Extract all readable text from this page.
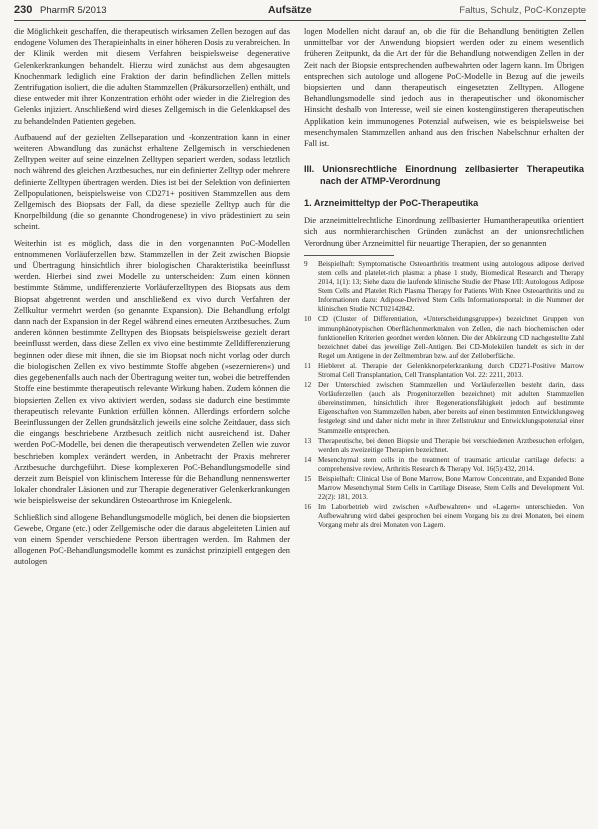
230 PharmR 5/2013	Aufsätze	Faltus, Schulz, PoC-Konzepte

die Möglichkeit geschaffen, die therapeutisch wirksamen Zellen bezogen auf das endogene Volumen des Therapieinhalts in einer höheren Dosis zu verabreichen. In der Klinik werden mit diesem Verfahren beispielsweise degenerative Gelenkerkrankungen behandelt. Hierzu wird zunächst aus dem abgesaugten Knochenmark lediglich eine Fraktion der darin befindlichen Zellen mittels Zentrifugation isoliert, die die adulten Stammzellen (Präkursorzellen) enthält, und diese entweder mit ihrer Konzentration erhöht oder wieder in die Zielregion des Gelenks injiziert. Anschließend wird dieses Zellgemisch in die Gelenkkapsel des zu behandelnden Patienten gegeben.

Aufbauend auf der gezielten Zellseparation und -konzentration kann in einer weiteren Abwandlung das zunächst erhaltene Zellgemisch in verschiedenen Zelltypen weiter auf seine einzelnen Zelltypen separiert werden, sodass letztlich noch während des gleichen Arztbesuches, nur ein definierter Zelltyp oder mehrere definierte Zelltypen übertragen werden. Dies ist bei der Selektion von definierten Zellpopulationen, beispielsweise von CD271+ positiven Stammzellen aus dem Zellgemisch des Biopsats der Fall, da diese spezielle Zelltyp auch für die Knorpelbildung (die so genannte Chondrogenese) in vivo prädestiniert zu sein scheint.

Weiterhin ist es möglich, dass die in den vorgenannten PoC-Modellen entnommenen Vorläuferzellen bzw. Stammzellen in der Zeit zwischen Biopsie und Übertragung hinsichtlich ihrer biologischen Charakteristika beeinflusst werden. Hierbei sind zwei Modelle zu unterscheiden: Zum einen können bestimmte Stämme, undifferenzierte Vorläuferzelltypen des Biopsats aus dem Biopsat abgetrennt werden und anschließend ex vivo durch Verfahren der Zellkultur vermehrt werden (so genannte Expansion). Die Behandlung erfolgt dann nach der Expansion in der Regel während eines erneuten Arztbesuches. Zum anderen können bestimmte Zelltypen des Biopsats beispielsweise gezielt derart beeinflusst werden, dass diese Zellen ex vivo eine bestimmte Zelldifferenzierung beginnen oder diese mit ihnen, die sie im Biopsat noch nicht vorlag oder durch die biologischen Zellen ex vivo bestimmte Stoffe abgeben (»sezernieren«) und dies gegebenenfalls auch nach der Übertragung weiter tun, wobei die betreffenden Stoffe eine bestimmte therapeutisch relevante Wirkung haben. Zudem können die biopsierten Zellen ex vivo aktiviert werden, sodass sie dadurch eine bestimmte therapeutisch relevante Funktion erfüllen können. Allerdings erfordern solche Beeinflussungen der Zellen grundsätzlich jeweils eine solche Zeitdauer, dass sich die eingangs beschriebene Arztbesuch zeitlich nicht ausreichend ist. Daher werden PoC-Modelle, bei denen die therapeutisch verwendeten Zellen wie zuvor beschrieben komplex verändert werden, in Anbetracht der Praxis mehrerer Arztbesuche durchgeführt. Diese komplexeren PoC-Behandlungsmodelle sind derzeit zum Beispiel von klinischem Interesse für die Behandlung nennenswerter lokaler chondraler Läsionen und zur Therapie degenerativer Gelenkerkrankungen wie beispielsweise der sekundären Osteoarthrose im Kniegelenk.

Schließlich sind allogene Behandlungsmodelle möglich, bei denen die biopsierten Gewebe, Organe (etc.) oder Zellgemische oder die daraus abgeleiteten Linien auf von einem Spender verschiedene Person übertragen werden. Im Rahmen der allogenen PoC-Behandlungsmodelle kommt es zunächst prinzipiell entgegen den autologen

logen Modellen nicht darauf an, ob die für die Behandlung benötigten Zellen unmittelbar vor der Anwendung biopsiert werden oder zu einem wesentlich früheren Zeitpunkt, da die Art der für die Behandlung notwendigen Zellen in der Zeit nach der Biopsie entsprechenden aufbewahrten oder lagern kann. Im Übrigen entsprechen sich autologe und allogene PoC-Modelle in Bezug auf die jeweils biopsierten und dann therapeutisch eingesetzten Zelltypen. Allogene Behandlungsmodelle sind jedoch aus in therapeutischer und ökonomischer Hinsicht deshalb von Interesse, weil sie einen kostengünstigeren therapeutischen Applikation kein immunogenes Potenzial aufweisen, wie es beispielsweise bei mesenchymalen Stammzellen anhand aus den frischen Nabelschnur erhalten der Fall ist.

III. Unionsrechtliche Einordnung zellbasierter Therapeutika nach der ATMP-Verordnung

1. Arzneimitteltyp der PoC-Therapeutika

Die arzneimittelrechtliche Einordnung zellbasierter Humantherapeutika orientiert sich aus normhierarchischen Gründen zunächst an der unionsrechtlichen Verordnung über Arzneimittel für neuartige Therapien, der so genannten

9	Beispielhaft: Symptomatische Osteoarthritis treatment using autologous adipose derived stem cells and platelet-rich plasma: a phase 1 study, Biomedical Research and Therapy 2014, 1(1): 13; Siehe dazu die laufende klinische Studie der Phase I/II: Autologous Adipose Stem Cells and Platelet Rich Plasma Therapy for Patients With Knee Osteoarthritis und zu Informationen dazu: Adipose-Derived Stem Cells Informationsportal: in die Nummer der klinischen Studie NCT02142842.
10 CD (Cluster of Differentiation, »Unterscheidungsgruppe«) bezeichnet Gruppen von immunphänotypischen Oberflächenmerkmalen von Zellen, die nach biochemischen oder funktionellen Kriterien geordnet werden können. Die der Abkürzung CD nachgestellte Zahl bezeichnet dabei das jeweilige Zell-Antigen. Bei CD-Molekülen handelt es sich in der Regel um Antigene in der Zellmembran bzw. auf der Zelloberfläche.
11 Hiebleret al. Therapie der Gelenkknorpelerkrankung durch CD271-Positive Marrow Stromal Cell Transplantation, Cell Transplantation Vol. 22: 2211, 2013.
12 Der Unterschied zwischen Stammzellen und Vorläuferzellen besteht darin, dass Vorläuferzellen (auch als Progenitorzellen bezeichnet) mit adulten Stammzellen übereinstimmen, hinsichtlich ihrer Regenerationsfähigkeit jedoch auf bestimmte Eigenschaften von Stammzellen haben, aber bereits auf einen bestimmten Entwicklungsweg festgelegt sind und daher nicht mehr in ihrer Zellstruktur und Entwicklungspotenzial einer Stammzelle entsprechen.
13 Therapeutische, bei denen Biopsie und Therapie bei verschiedenen Arztbesuchen erfolgen, werden als zweizeitige Therapien bezeichnet.
14 Mesenchymal stem cells in the treatment of traumatic articular cartilage defects: a comprehensive review, Arthritis Research & Therapy Vol. 16(5):432, 2014.
15 Beispielhaft: Clinical Use of Bone Marrow, Bone Marrow Concentrate, and Expanded Bone Marrow Mesenchymal Stem Cells in Cartilage Disease, Stem Cells and Development Vol. 22(2): 181, 2013.
16 Im Laborbetrieb wird zwischen »Aufbewahren« und »Lagern« unterschieden. Von Aufbewahrung wird dabei gesprochen bei einem Vorgang bis zu drei Monaten, bei einem Vorgang mehr als drei Monaten von Lagern.
